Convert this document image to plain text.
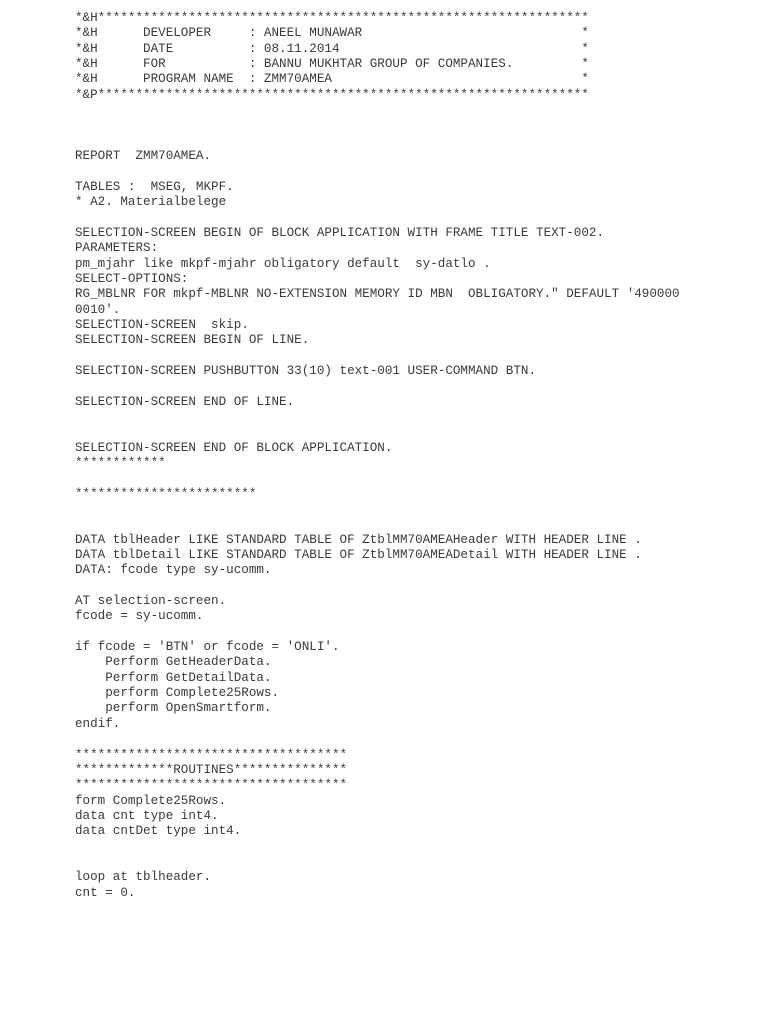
*&H*****************************************************************
*&H      DEVELOPER     : ANEEL MUNAWAR                             *
*&H      DATE          : 08.11.2014                                *
*&H      FOR           : BANNU MUKHTAR GROUP OF COMPANIES.         *
*&H      PROGRAM NAME  : ZMM70AMEA                                 *
*&P*****************************************************************
REPORT  ZMM70AMEA.
TABLES :  MSEG, MKPF.
* A2. Materialbelege
SELECTION-SCREEN BEGIN OF BLOCK APPLICATION WITH FRAME TITLE TEXT-002.
PARAMETERS:
pm_mjahr like mkpf-mjahr obligatory default  sy-datlo .
SELECT-OPTIONS:
RG_MBLNR FOR mkpf-MBLNR NO-EXTENSION MEMORY ID MBN  OBLIGATORY." DEFAULT '490000
0010'.
SELECTION-SCREEN  skip.
SELECTION-SCREEN BEGIN OF LINE.
SELECTION-SCREEN PUSHBUTTON 33(10) text-001 USER-COMMAND BTN.
SELECTION-SCREEN END OF LINE.
SELECTION-SCREEN END OF BLOCK APPLICATION.
************
************************
DATA tblHeader LIKE STANDARD TABLE OF ZtblMM70AMEAHeader WITH HEADER LINE .
DATA tblDetail LIKE STANDARD TABLE OF ZtblMM70AMEADetail WITH HEADER LINE .
DATA: fcode type sy-ucomm.
AT selection-screen.
fcode = sy-ucomm.
if fcode = 'BTN' or fcode = 'ONLI'.
Perform GetHeaderData.
Perform GetDetailData.
perform Complete25Rows.
perform OpenSmartform.
endif.
************************************
*************ROUTINES***************
************************************
form Complete25Rows.
data cnt type int4.
data cntDet type int4.
loop at tblheader.
cnt = 0.
